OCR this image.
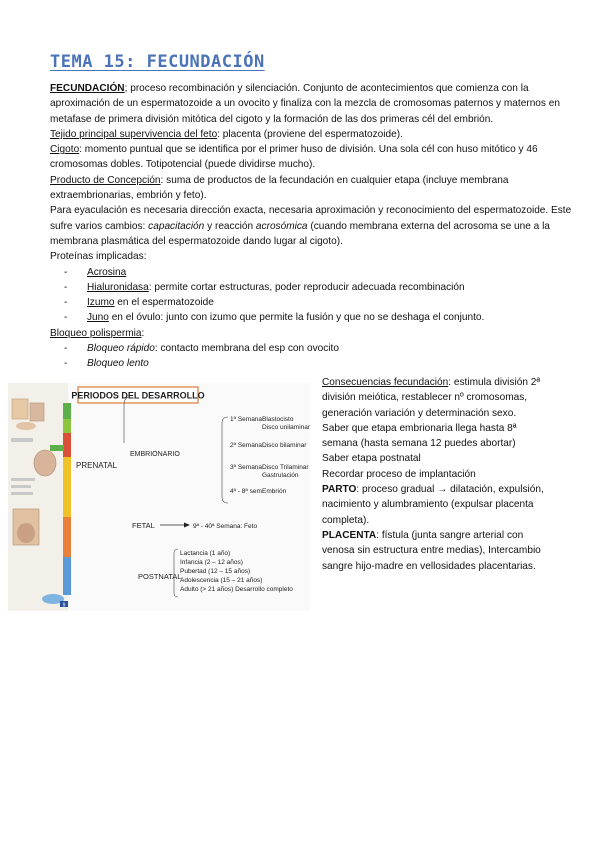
TEMA 15: FECUNDACIÓN

FECUNDACIÓN; proceso recombinación y silenciación. Conjunto de acontecimientos que comienza con la aproximación de un espermatozoide a un ovocito y finaliza con la mezcla de cromosomas paternos y maternos en metafase de primera división mitótica del cigoto y la formación de las dos primeras cél del embrión.

Tejido principal supervivencia del feto: placenta (proviene del espermatozoide).

Cigoto: momento puntual que se identifica por el primer huso de división. Una sola cél con huso mitótico y 46 cromosomas dobles. Totipotencial (puede dividirse mucho).

Producto de Concepción: suma de productos de la fecundación en cualquier etapa (incluye membrana extraembrionarias, embrión y feto).

Para eyaculación es necesaria dirección exacta, necesaria aproximación y reconocimiento del espermatozoide. Este sufre varios cambios: capacitación y reacción acrosómica (cuando membrana externa del acrosoma se une a la membrana plasmática del espermatozoide dando lugar al cigoto).

Proteínas implicadas:

- Acrosina
- Hialuronidasa: permite cortar estructuras, poder reproducir adecuada recombinación
- Izumo en el espermatozoide
- Juno en el óvulo: junto con izumo que permite la fusión y que no se deshaga el conjunto.

Bloqueo polispermia:

- Bloqueo rápido: contacto membrana del esp con ovocito
- Bloqueo lento
9
PERIODOS DEL DESARROLLO
PRENATAL
EMBRIONARIO
1ª Semana:
Blastocisto
Disco unilaminar
2ª Semana:
Disco bilaminar
3ª Semana:
Disco Trilaminar
Gastrulación
4ª - 8ª sem.
Embrión
FETAL	9ª - 40ª Semana: Feto
POSTNATAL
Lactancia (1 año)
Infancia (2 – 12 años)
Pubertad (12 – 15 años)
Adolescencia (15 – 21 años)
Adulto (> 21 años) Desarrollo completo

Consecuencias fecundación: estimula división 2ª división meiótica, restablecer nº cromosomas, generación variación y determinación sexo.

Saber que etapa embrionaria llega hasta 8ª semana (hasta semana 12 puedes abortar)

Saber etapa postnatal

Recordar proceso de implantación

PARTO: proceso gradual → dilatación, expulsión, nacimiento y alumbramiento (expulsar placenta completa).

PLACENTA: fístula (junta sangre arterial con venosa sin estructura entre medias), Intercambio sangre hijo-madre en vellosidades placentarias.
